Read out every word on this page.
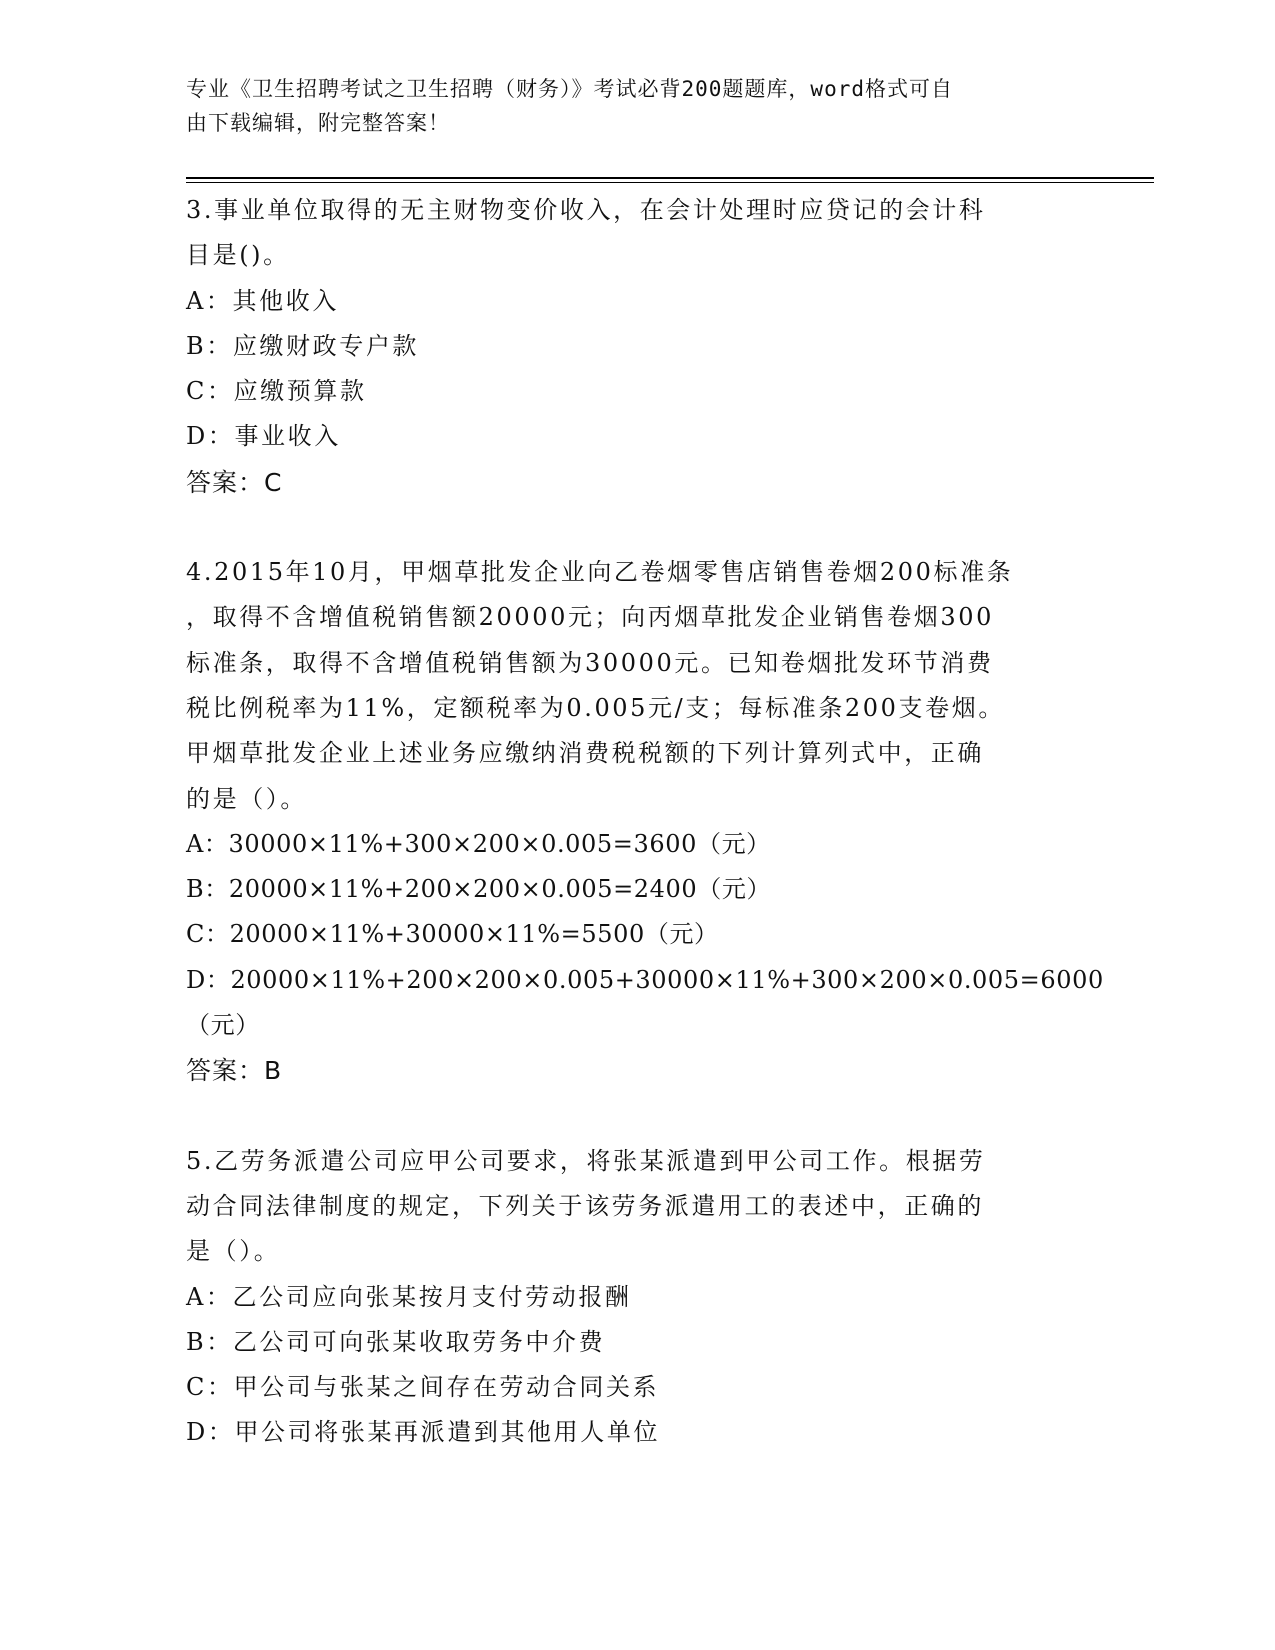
专业《卫生招聘考试之卫生招聘（财务）》考试必背200题题库，word格式可自
由下载编辑，附完整答案！
3.事业单位取得的无主财物变价收入，在会计处理时应贷记的会计科
目是()。
A：其他收入
B：应缴财政专户款
C：应缴预算款
D：事业收入
答案：C
4.2015年10月，甲烟草批发企业向乙卷烟零售店销售卷烟200标准条
，取得不含增值税销售额20000元；向丙烟草批发企业销售卷烟300
标准条，取得不含增值税销售额为30000元。已知卷烟批发环节消费
税比例税率为11%，定额税率为0.005元/支；每标准条200支卷烟。
甲烟草批发企业上述业务应缴纳消费税税额的下列计算列式中，正确
的是（）。
A：30000×11%+300×200×0.005=3600（元）
B：20000×11%+200×200×0.005=2400（元）
C：20000×11%+30000×11%=5500（元）
D：20000×11%+200×200×0.005+30000×11%+300×200×0.005=6000
（元）
答案：B
5.乙劳务派遣公司应甲公司要求，将张某派遣到甲公司工作。根据劳
动合同法律制度的规定，下列关于该劳务派遣用工的表述中，正确的
是（）。
A：乙公司应向张某按月支付劳动报酬
B：乙公司可向张某收取劳务中介费
C：甲公司与张某之间存在劳动合同关系
D：甲公司将张某再派遣到其他用人单位
